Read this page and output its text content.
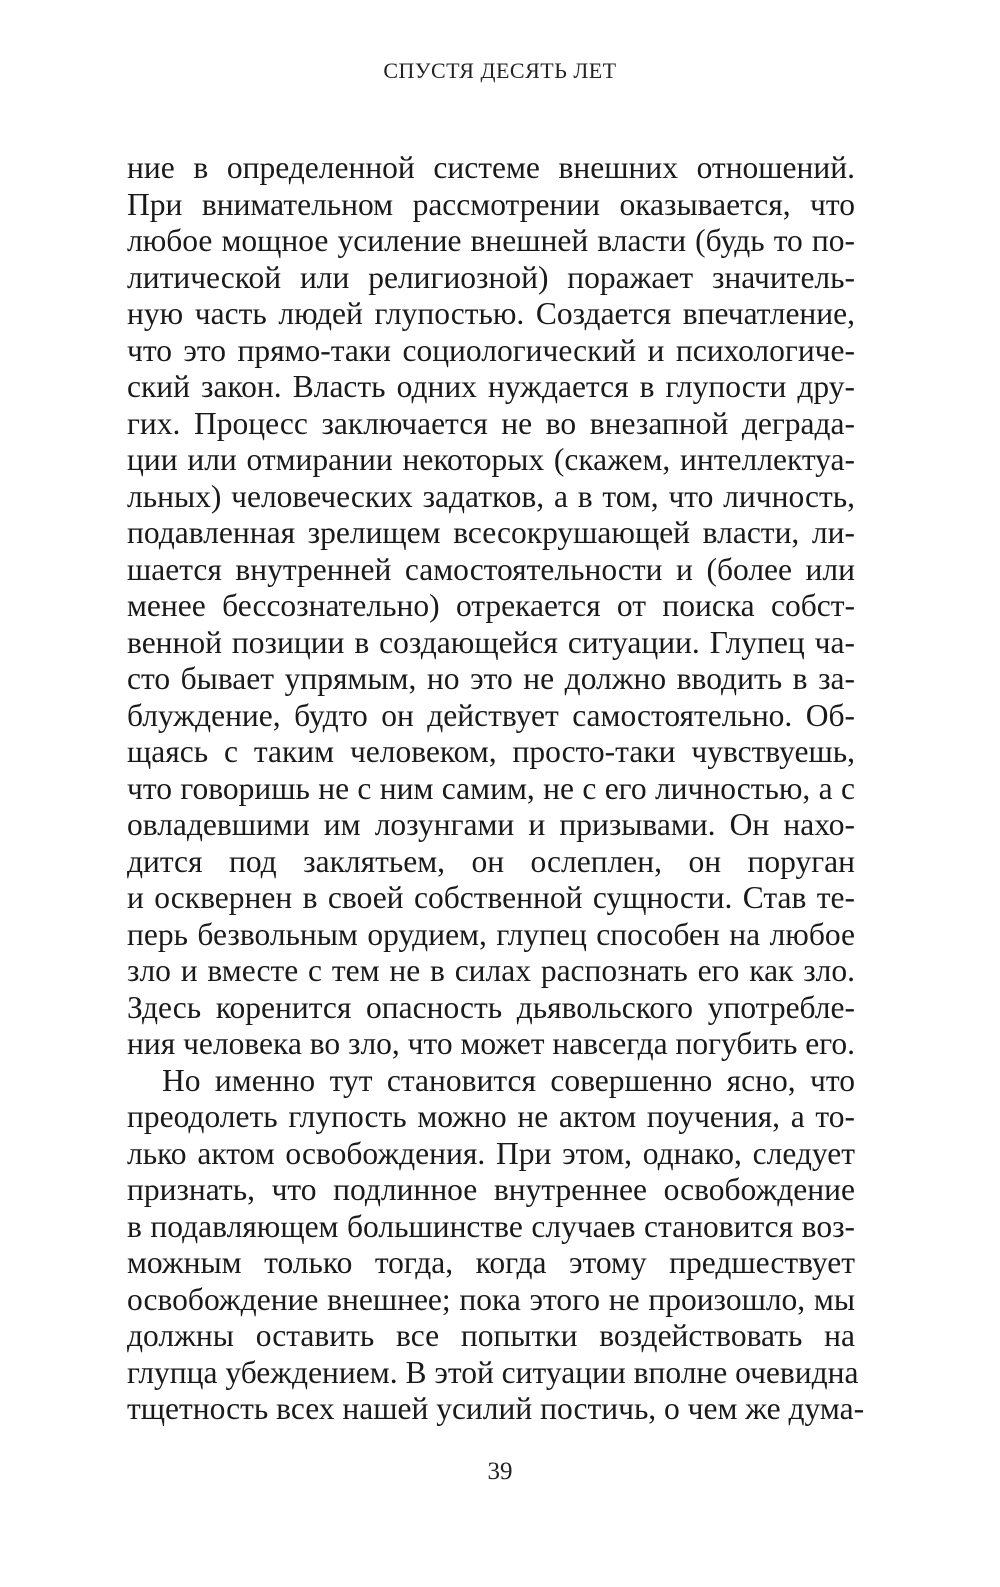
СПУСТЯ ДЕСЯТЬ ЛЕТ
ние в определенной системе внешних отношений.
При внимательном рассмотрении оказывается, что
любое мощное усиление внешней власти (будь то по-
литической или религиозной) поражает значитель-
ную часть людей глупостью. Создается впечатление,
что это прямо-таки социологический и психологиче-
ский закон. Власть одних нуждается в глупости дру-
гих. Процесс заключается не во внезапной деграда-
ции или отмирании некоторых (скажем, интеллектуа-
льных) человеческих задатков, а в том, что личность,
подавленная зрелищем всесокрушающей власти, ли-
шается внутренней самостоятельности и (более или
менее бессознательно) отрекается от поиска собст-
венной позиции в создающейся ситуации. Глупец ча-
сто бывает упрямым, но это не должно вводить в за-
блуждение, будто он действует самостоятельно. Об-
щаясь с таким человеком, просто-таки чувствуешь,
что говоришь не с ним самим, не с его личностью, а с
овладевшими им лозунгами и призывами. Он нахо-
дится под заклятьем, он ослеплен, он поруган
и осквернен в своей собственной сущности. Став те-
перь безвольным орудием, глупец способен на любое
зло и вместе с тем не в силах распознать его как зло.
Здесь коренится опасность дьявольского употребле-
ния человека во зло, что может навсегда погубить его.
Но именно тут становится совершенно ясно, что
преодолеть глупость можно не актом поучения, а то-
лько актом освобождения. При этом, однако, следует
признать, что подлинное внутреннее освобождение
в подавляющем большинстве случаев становится воз-
можным только тогда, когда этому предшествует
освобождение внешнее; пока этого не произошло, мы
должны оставить все попытки воздействовать на
глупца убеждением. В этой ситуации вполне очевидна
тщетность всех нашей усилий постичь, о чем же дума-
39
